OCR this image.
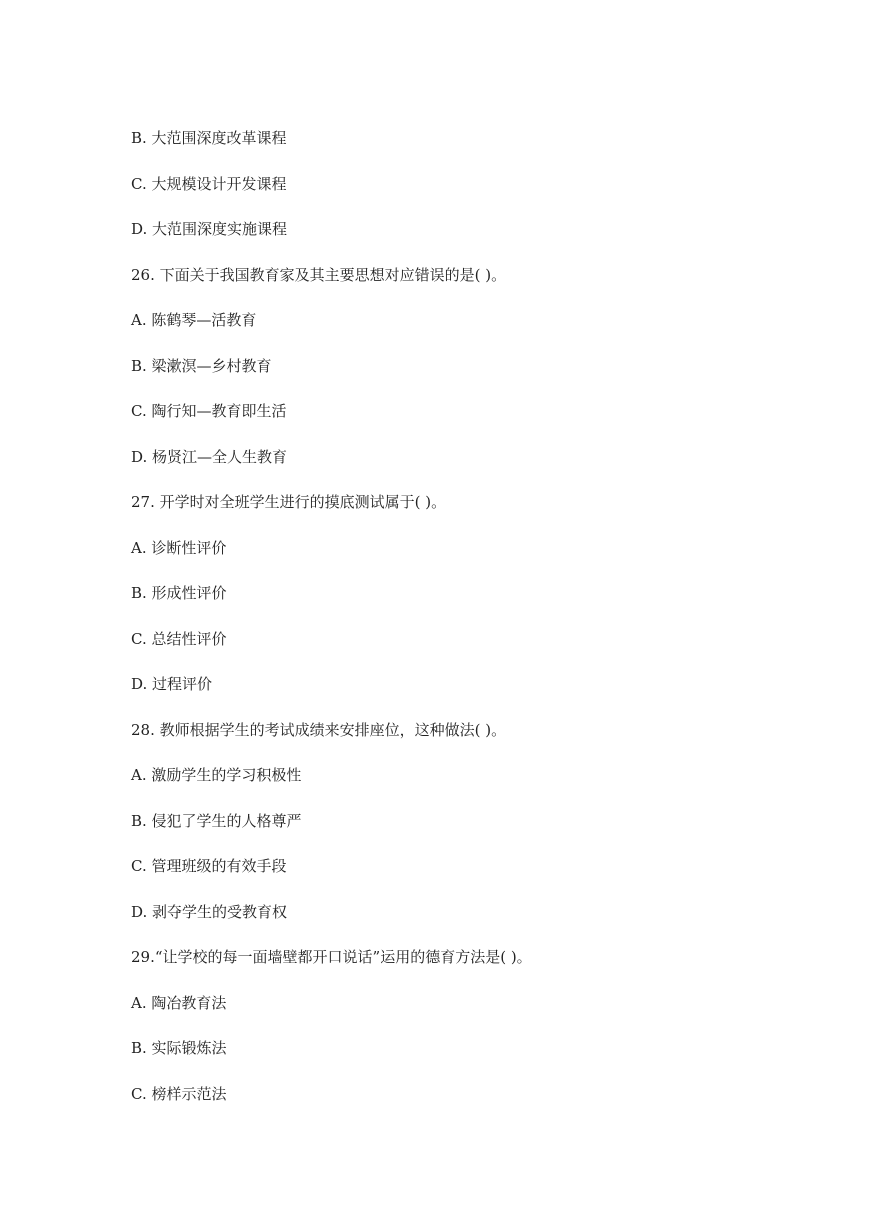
B. 大范围深度改革课程
C. 大规模设计开发课程
D. 大范围深度实施课程
26. 下面关于我国教育家及其主要思想对应错误的是( )。
A. 陈鹤琴—活教育
B. 梁漱溟—乡村教育
C. 陶行知—教育即生活
D. 杨贤江—全人生教育
27. 开学时对全班学生进行的摸底测试属于( )。
A. 诊断性评价
B. 形成性评价
C. 总结性评价
D. 过程评价
28. 教师根据学生的考试成绩来安排座位，这种做法( )。
A. 激励学生的学习积极性
B. 侵犯了学生的人格尊严
C. 管理班级的有效手段
D. 剥夺学生的受教育权
29.“让学校的每一面墙壁都开口说话”运用的德育方法是( )。
A. 陶冶教育法
B. 实际锻炼法
C. 榜样示范法
